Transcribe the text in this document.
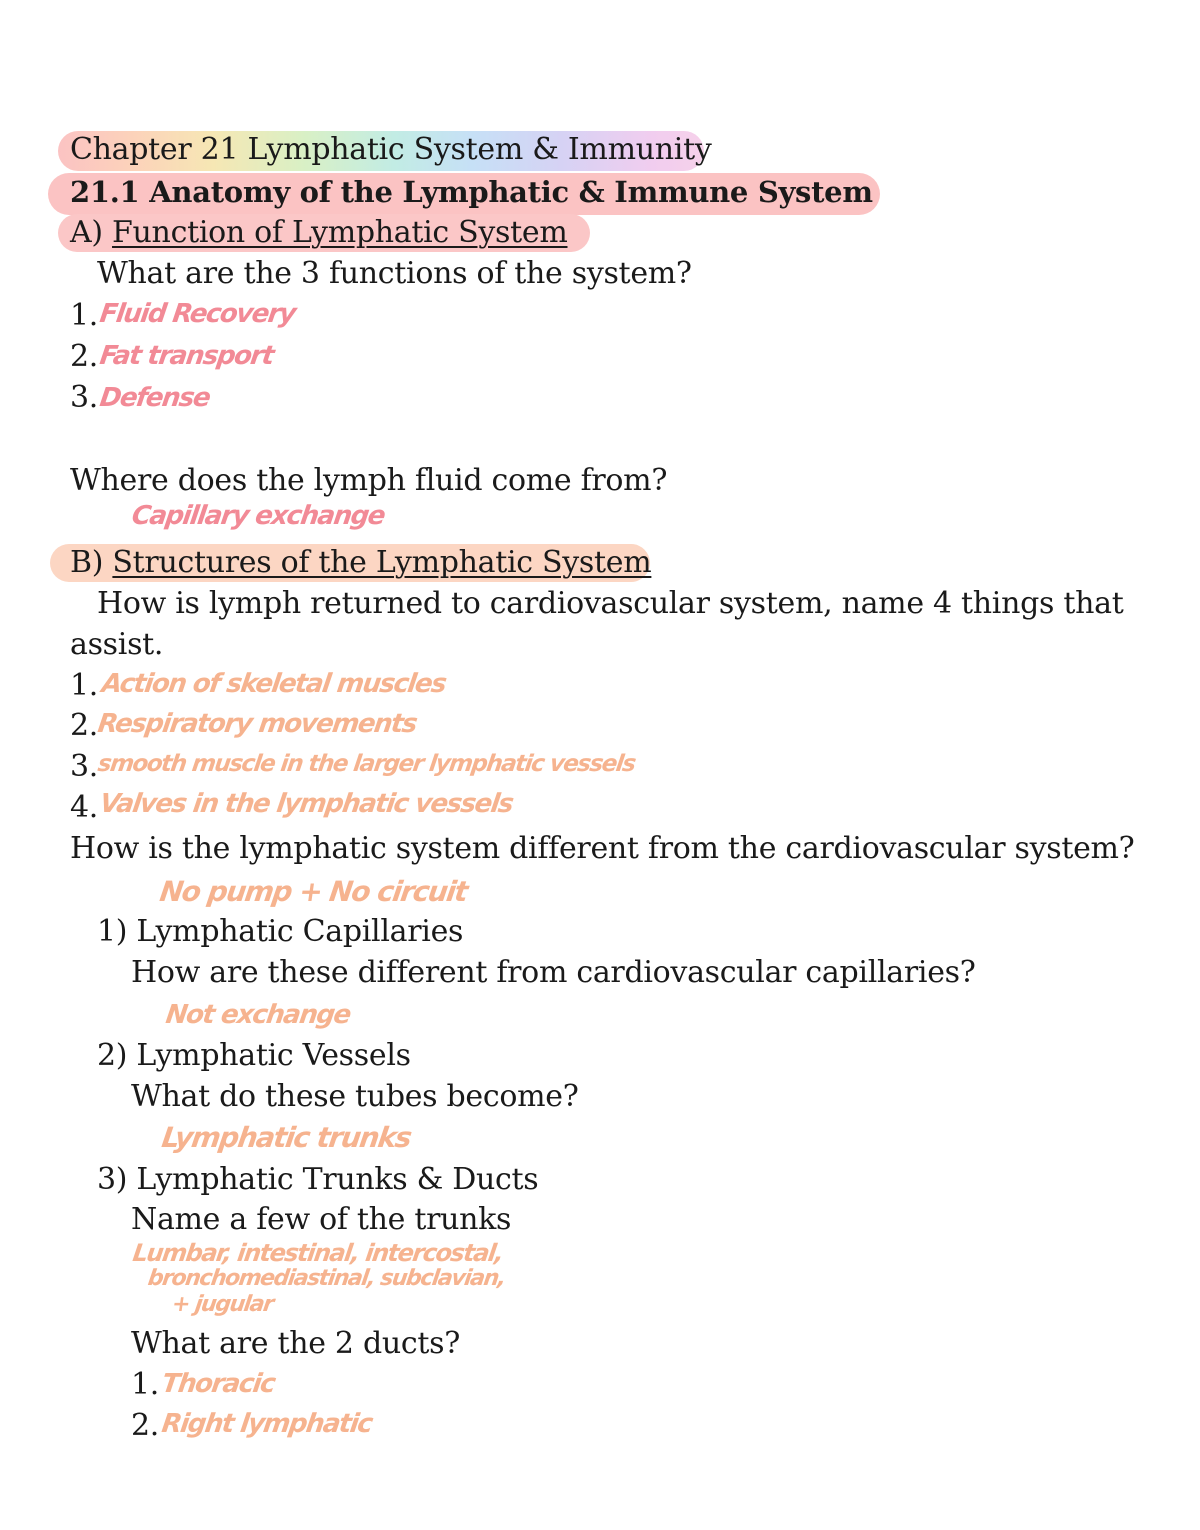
Chapter 21 Lymphatic System & Immunity
21.1 Anatomy of the Lymphatic & Immune System
A) Function of Lymphatic System
What are the 3 functions of the system?
1. Fluid Recovery
2. Fat transport
3. Defense
Where does the lymph fluid come from?
Capillary exchange
B) Structures of the Lymphatic System
How is lymph returned to cardiovascular system, name 4 things that
assist.
1. Action of skeletal muscles
2.
Respiratory movements
3.
smooth muscle in the larger lymphatic vessels
4. Valves in the lymphatic vessels
How is the lymphatic system different from the cardiovascular system?
No pump + No circuit
1) Lymphatic Capillaries
How are these different from cardiovascular capillaries?
Not exchange
2) Lymphatic Vessels
What do these tubes become?
Lymphatic trunks
3) Lymphatic Trunks & Ducts
Name a few of the trunks
Lumbar, intestinal, intercostal,
bronchomediastinal, subclavian,
+ jugular
What are the 2 ducts?
1. Thoracic
2. Right lymphatic
